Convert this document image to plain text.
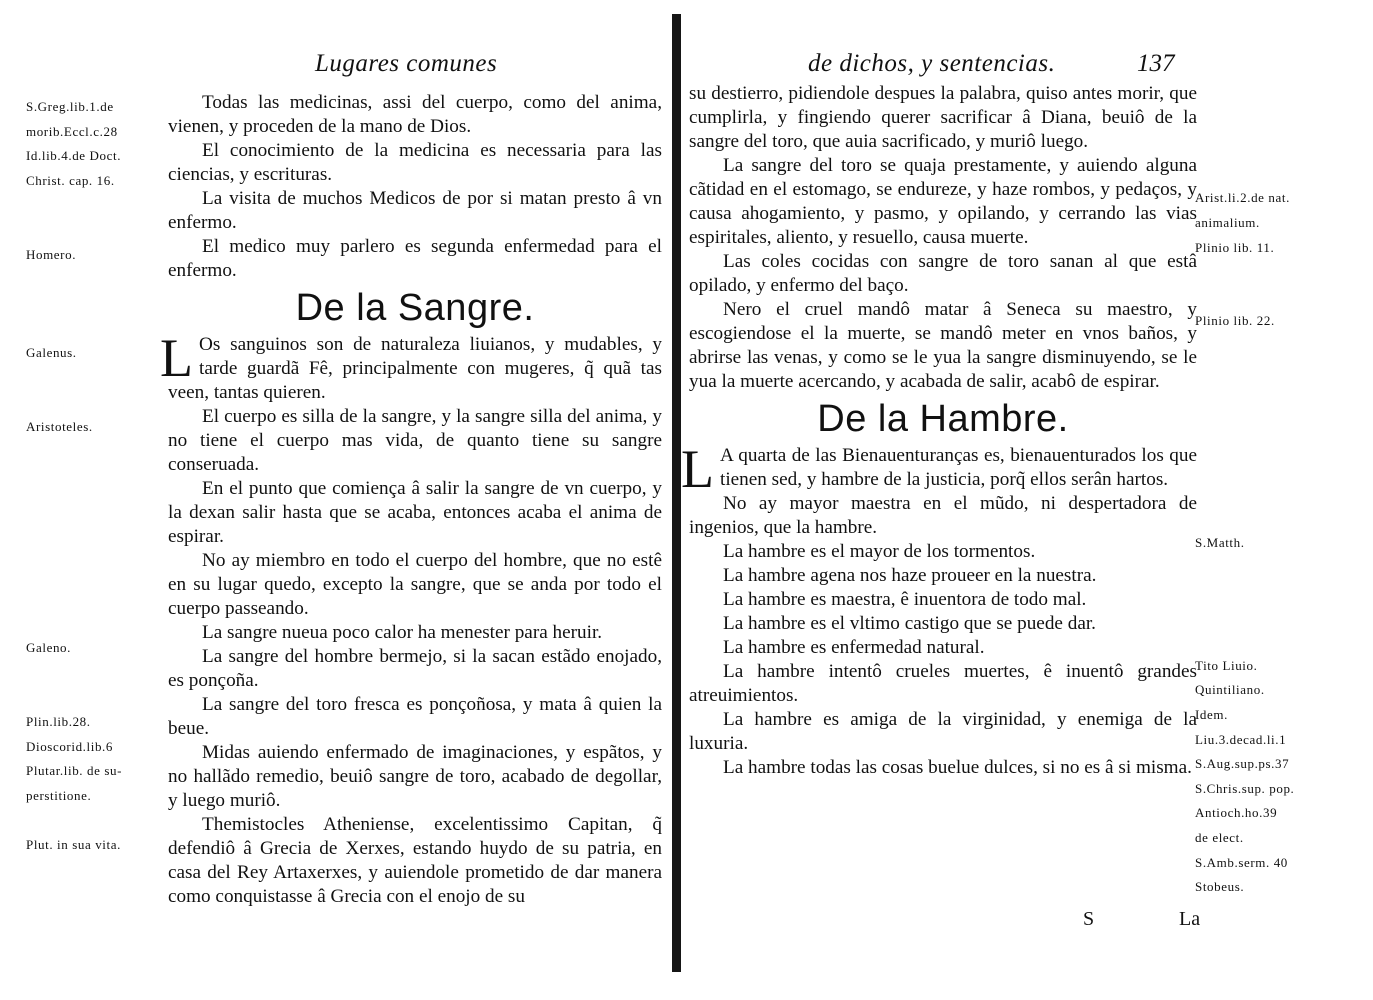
Lugares comunes
S.Greg.lib.1.de
morib.Eccl.c.28
Id.lib.4.de Doct.
Christ. cap. 16.
Homero.
Galenus.
Aristoteles.
Galeno.
Plin.lib.28.
Dioscorid.lib.6
Plutar.lib. de su-
perstitione.
Plut. in sua vita.

Todas las medicinas, assi del cuerpo, como del anima, vienen, y proceden de la mano de Dios.

El conocimiento de la medicina es necessaria para las ciencias, y escrituras.

La visita de muchos Medicos de por si matan presto â vn enfermo.

El medico muy parlero es segunda enfermedad para el enfermo.

De la Sangre.

L Os sanguinos son de naturaleza liuianos, y mudables, y tarde guardã Fê, principalmente con mugeres, q̃ quã tas veen, tantas quieren.

El cuerpo es silla de la sangre, y la sangre silla del anima, y no tiene el cuerpo mas vida, de quanto tiene su sangre conseruada.

En el punto que comiença â salir la sangre de vn cuerpo, y la dexan salir hasta que se acaba, entonces acaba el anima de espirar.

No ay miembro en todo el cuerpo del hombre, que no estê en su lugar quedo, excepto la sangre, que se anda por todo el cuerpo passeando.

La sangre nueua poco calor ha menester para heruir.

La sangre del hombre bermejo, si la sacan estãdo enojado, es ponçoña.

La sangre del toro fresca es ponçoñosa, y mata â quien la beue.

Midas auiendo enfermado de imaginaciones, y espãtos, y no hallãdo remedio, beuiô sangre de toro, acabado de degollar, y luego muriô.

Themistocles Atheniense, excelentissimo Capitan, q̃ defendiô â Grecia de Xerxes, estando huydo de su patria, en casa del Rey Artaxerxes, y auiendole prometido de dar manera como conquistasse â Grecia con el enojo de su

de dichos, y sentencias.	137

su destierro, pidiendole despues la palabra, quiso antes morir, que cumplirla, y fingiendo querer sacrificar â Diana, beuiô de la sangre del toro, que auia sacrificado, y muriô luego.

La sangre del toro se quaja prestamente, y auiendo alguna cãtidad en el estomago, se endureze, y haze rombos, y pedaços, y causa ahogamiento, y pasmo, y opilando, y cerrando las vias espiritales, aliento, y resuello, causa muerte.

Las coles cocidas con sangre de toro sanan al que estâ opilado, y enfermo del baço.

Nero el cruel mandô matar â Seneca su maestro, y escogiendose el la muerte, se mandô meter en vnos baños, y abrirse las venas, y como se le yua la sangre disminuyendo, se le yua la muerte acercando, y acabada de salir, acabô de espirar.

De la Hambre.

L A quarta de las Bienauenturanças es, bienauenturados los que tienen sed, y hambre de la justicia, porq̃ ellos serân hartos.

No ay mayor maestra en el mũdo, ni despertadora de ingenios, que la hambre.

La hambre es el mayor de los tormentos.

La hambre agena nos haze proueer en la nuestra.

La hambre es maestra, ê inuentora de todo mal.

La hambre es el vltimo castigo que se puede dar.

La hambre es enfermedad natural.

La hambre intentô crueles muertes, ê inuentô grandes atreuimientos.

La hambre es amiga de la virginidad, y enemiga de la luxuria.

La hambre todas las cosas buelue dulces, si no es â si misma.

Arist.li.2.de nat.
animalium.
Plinio lib. 11.
Plinio lib. 22.
S.Matth.
Tito Liuio.
Quintiliano.
Idem.
Liu.3.decad.li.1
S.Aug.sup.ps.37
S.Chris.sup. pop.
Antioch.ho.39
de elect.
S.Amb.serm. 40
Stobeus.
S	La
